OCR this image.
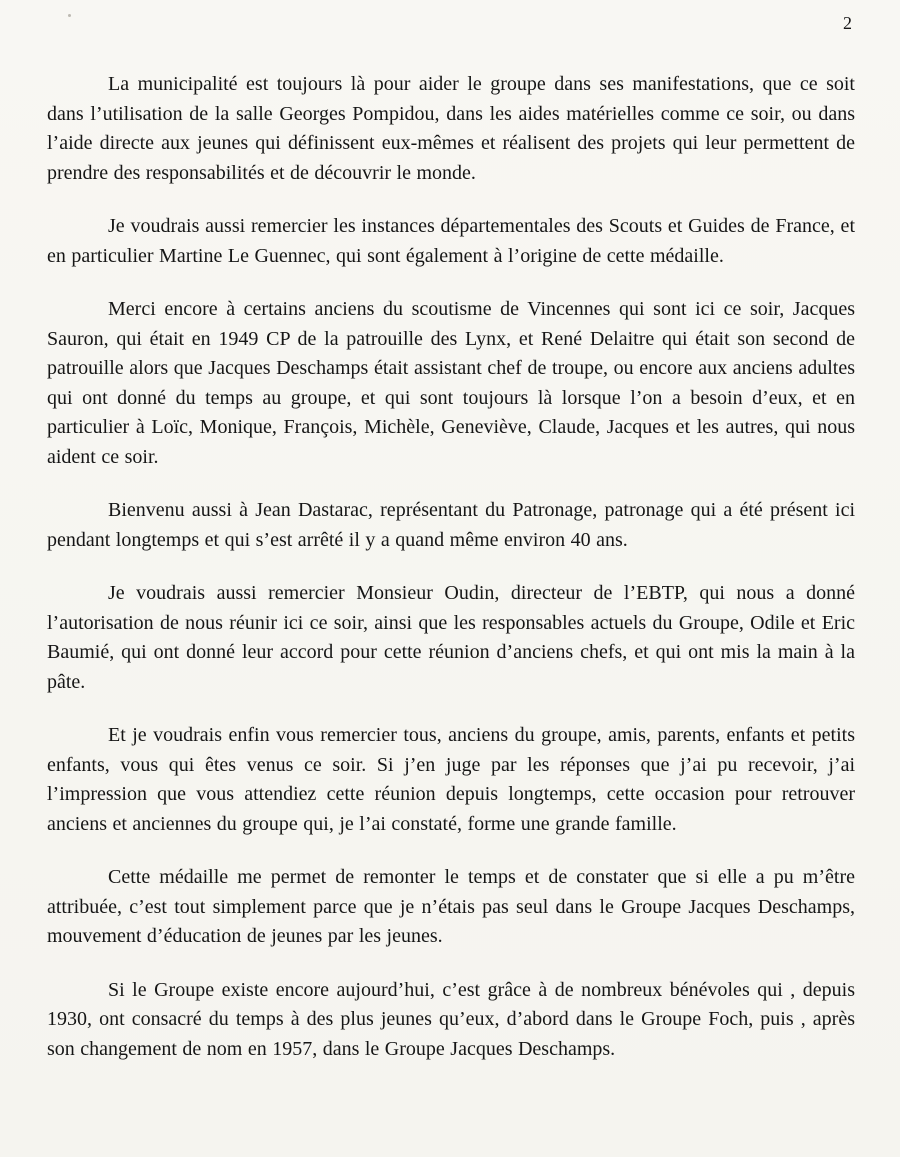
2

La municipalité est toujours là pour aider le groupe dans ses manifestations, que ce soit dans l’utilisation de la salle Georges Pompidou, dans les aides matérielles comme ce soir, ou dans l’aide directe aux jeunes qui définissent eux-mêmes et réalisent des projets qui leur permettent de prendre des responsabilités et de découvrir le monde.

Je voudrais aussi remercier les instances départementales des Scouts et Guides de France, et en particulier Martine Le Guennec, qui sont également à l’origine de cette médaille.

Merci encore à certains anciens du scoutisme de Vincennes qui sont ici ce soir, Jacques Sauron, qui était en 1949 CP de la patrouille des Lynx, et René Delaitre qui était son second de patrouille alors que Jacques Deschamps était assistant chef de troupe, ou encore aux anciens adultes qui ont donné du temps au groupe, et qui sont toujours là lorsque l’on a besoin d’eux, et en particulier à Loïc, Monique, François, Michèle, Geneviève, Claude, Jacques et les autres, qui nous aident ce soir.

Bienvenu aussi à Jean Dastarac, représentant du Patronage, patronage qui a été présent ici pendant longtemps et qui s’est arrêté il y a quand même environ 40 ans.

Je voudrais aussi remercier Monsieur Oudin, directeur de l’EBTP, qui nous a donné l’autorisation de nous réunir ici ce soir, ainsi que les responsables actuels du Groupe, Odile et Eric Baumié, qui ont donné leur accord pour cette réunion d’anciens chefs, et qui ont mis la main à la pâte.

Et je voudrais enfin vous remercier tous, anciens du groupe, amis, parents, enfants et petits enfants, vous qui êtes venus ce soir. Si j’en juge par les réponses que j’ai pu recevoir, j’ai l’impression que vous attendiez cette réunion depuis longtemps, cette occasion pour retrouver anciens et anciennes du groupe qui, je l’ai constaté, forme une grande famille.

Cette médaille me permet de remonter le temps et de constater que si elle a pu m’être attribuée, c’est tout simplement parce que je n’étais pas seul dans le Groupe Jacques Deschamps, mouvement d’éducation de jeunes par les jeunes.

Si le Groupe existe encore aujourd’hui, c’est grâce à de nombreux bénévoles qui , depuis 1930, ont consacré du temps à des plus jeunes qu’eux, d’abord dans le Groupe Foch, puis , après son changement de nom en 1957, dans le Groupe Jacques Deschamps.
